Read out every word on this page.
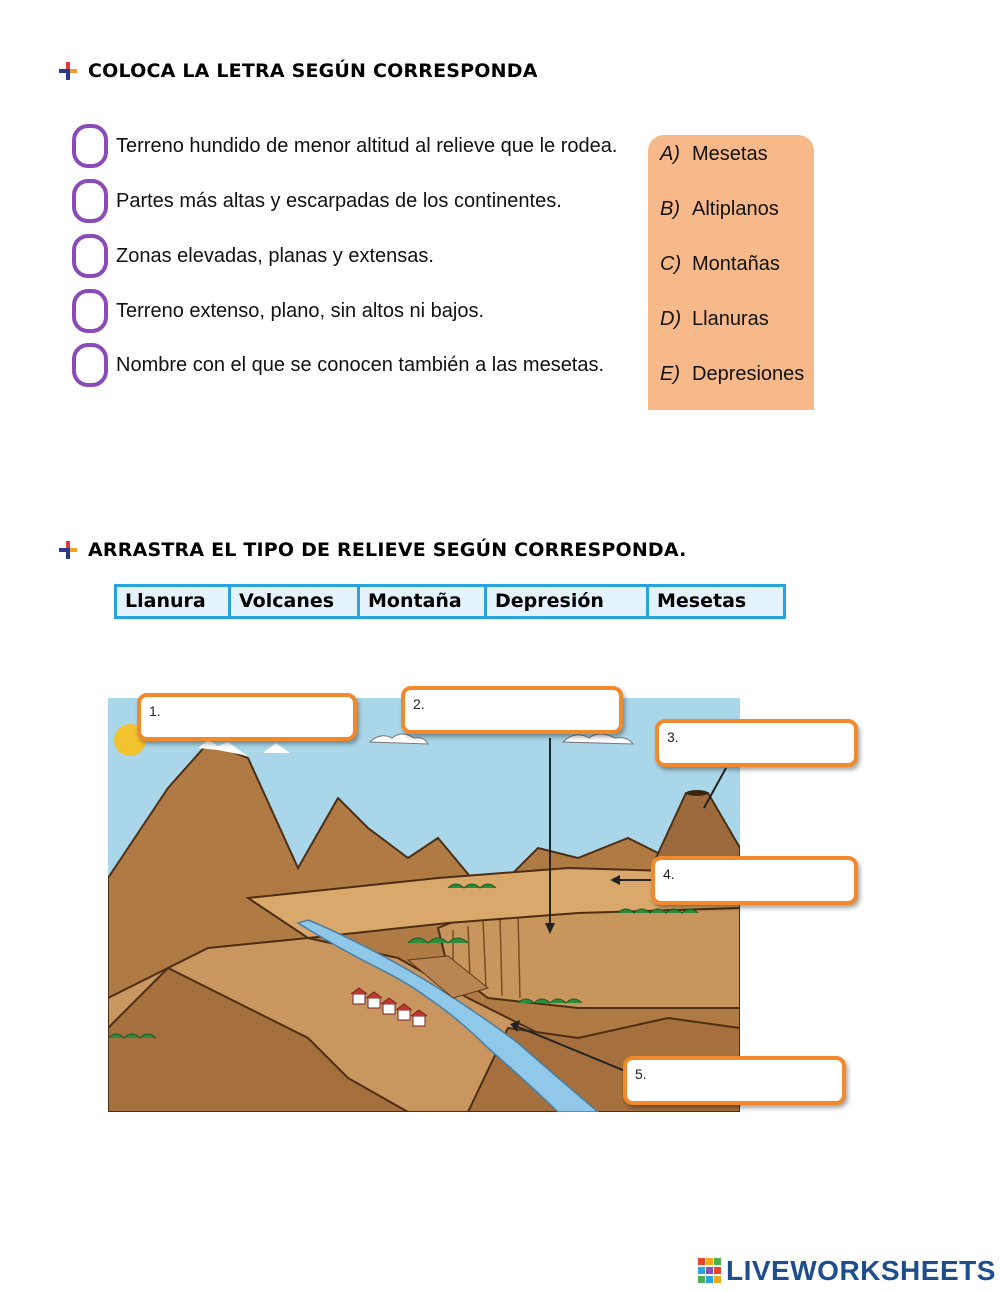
COLOCA LA LETRA SEGÚN CORRESPONDA
Terreno hundido de menor altitud al relieve que le rodea.
Partes más altas y escarpadas de los continentes.
Zonas elevadas, planas y extensas.
Terreno extenso, plano, sin altos ni bajos.
Nombre con el que se conocen también a las mesetas.
A) Mesetas
B) Altiplanos
C) Montañas
D) Llanuras
E) Depresiones
ARRASTRA EL TIPO DE RELIEVE SEGÚN CORRESPONDA.
Llanura	Volcanes	Montaña	Depresión	Mesetas
1.	2.
3.
4.
5.
LIVEWORKSHEETS
